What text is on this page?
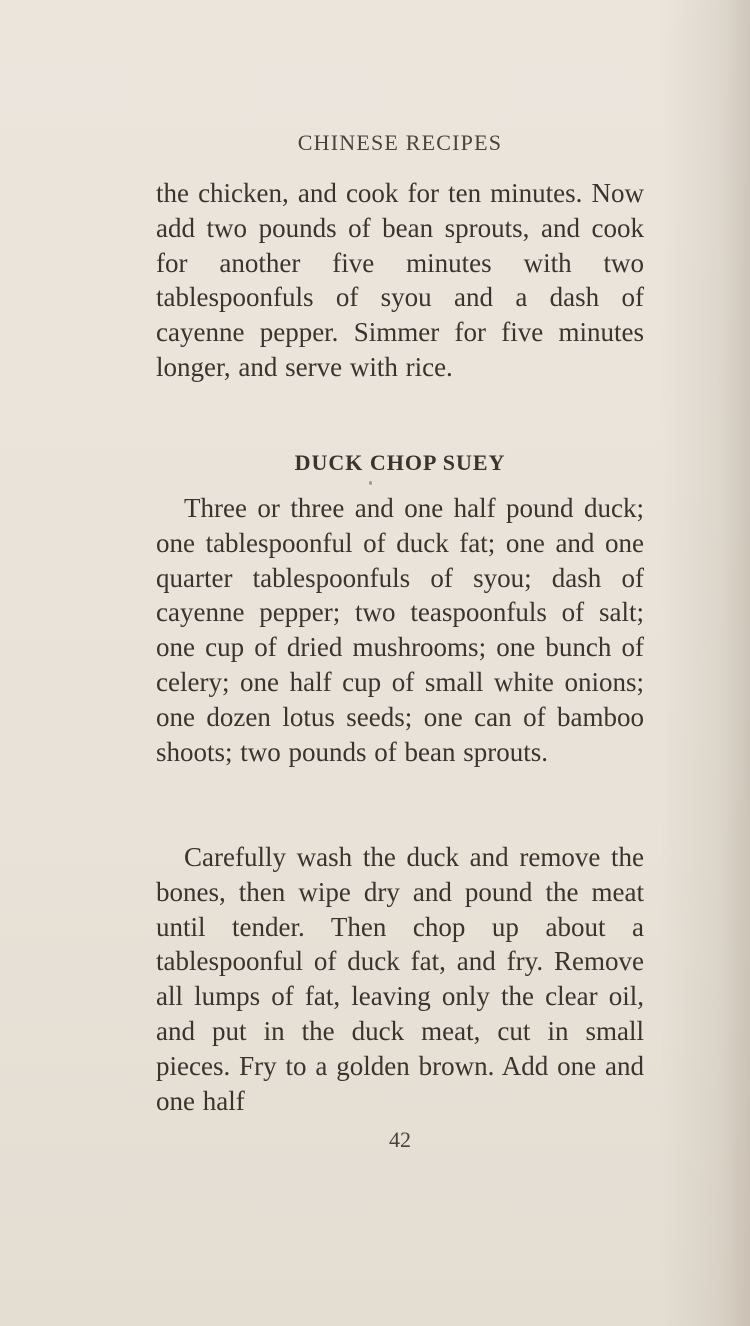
CHINESE RECIPES
the chicken, and cook for ten minutes. Now add two pounds of bean sprouts, and cook for another five minutes with two tablespoonfuls of syou and a dash of cayenne pepper. Simmer for five minutes longer, and serve with rice.
DUCK CHOP SUEY
Three or three and one half pound duck; one tablespoonful of duck fat; one and one quarter tablespoonfuls of syou; dash of cayenne pepper; two teaspoonfuls of salt; one cup of dried mushrooms; one bunch of celery; one half cup of small white onions; one dozen lotus seeds; one can of bamboo shoots; two pounds of bean sprouts.
Carefully wash the duck and remove the bones, then wipe dry and pound the meat until tender. Then chop up about a tablespoonful of duck fat, and fry. Remove all lumps of fat, leaving only the clear oil, and put in the duck meat, cut in small pieces. Fry to a golden brown. Add one and one half
42
